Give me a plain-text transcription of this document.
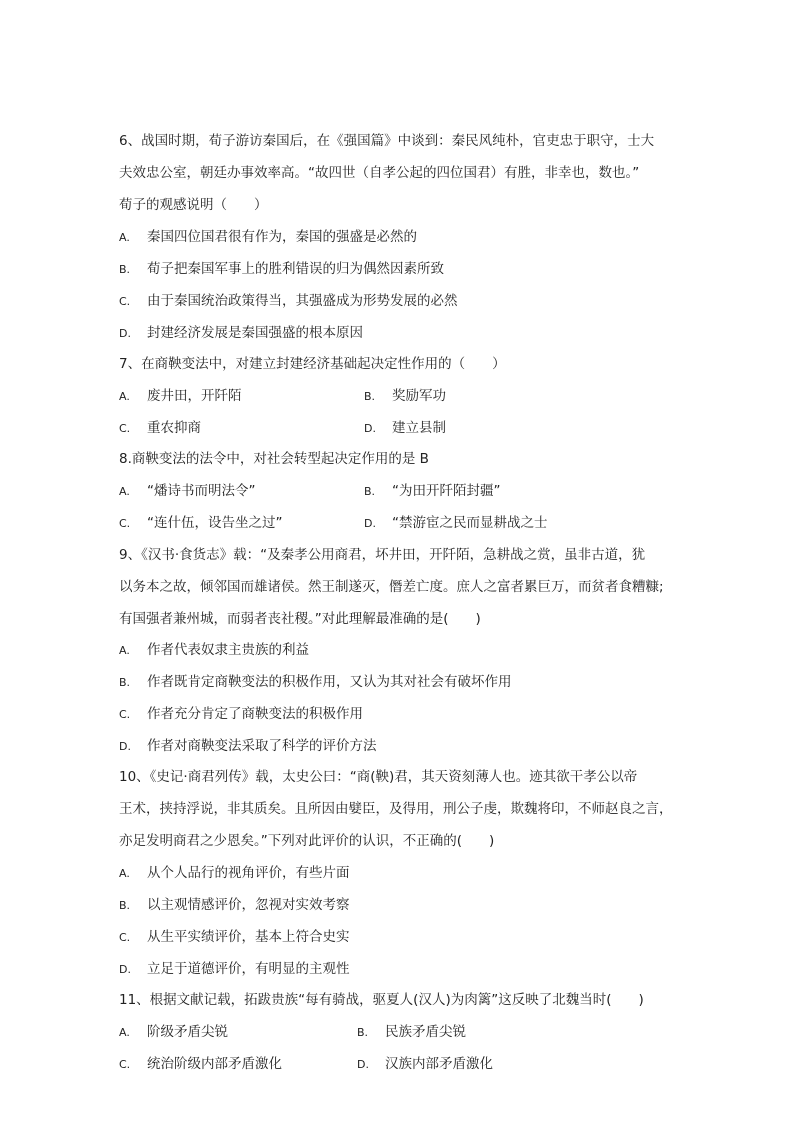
6、战国时期，荀子游访秦国后，在《强国篇》中谈到：秦民风纯朴，官吏忠于职守，士大
夫效忠公室，朝廷办事效率高。“故四世（自孝公起的四位国君）有胜，非幸也，数也。”
荀子的观感说明（　　）
A. 秦国四位国君很有作为，秦国的强盛是必然的
B. 荀子把秦国军事上的胜利错误的归为偶然因素所致
C. 由于秦国统治政策得当，其强盛成为形势发展的必然
D. 封建经济发展是秦国强盛的根本原因
7、在商鞅变法中，对建立封建经济基础起决定性作用的（　　）
A. 废井田，开阡陌	B. 奖励军功
C. 重农抑商	D. 建立县制
8.商鞅变法的法令中，对社会转型起决定作用的是 B
A. “燔诗书而明法令”	B. “为田开阡陌封疆”
C. “连什伍，设告坐之过”	D. “禁游宦之民而显耕战之士
9、《汉书·食货志》载：“及秦孝公用商君，坏井田，开阡陌，急耕战之赏，虽非古道，犹
以务本之故，倾邻国而雄诸侯。然王制遂灭，僭差亡度。庶人之富者累巨万，而贫者食糟糠;
有国强者兼州城，而弱者丧社稷。”对此理解最准确的是(　　)
A. 作者代表奴隶主贵族的利益
B. 作者既肯定商鞅变法的积极作用，又认为其对社会有破坏作用
C. 作者充分肯定了商鞅变法的积极作用
D. 作者对商鞅变法采取了科学的评价方法
10、《史记·商君列传》载，太史公曰：“商(鞅)君，其天资刻薄人也。迹其欲干孝公以帝
王术，挟持浮说，非其质矣。且所因由嬖臣，及得用，刑公子虔，欺魏将印，不师赵良之言，
亦足发明商君之少恩矣。”下列对此评价的认识，不正确的(　　)
A. 从个人品行的视角评价，有些片面
B. 以主观情感评价，忽视对实效考察
C. 从生平实绩评价，基本上符合史实
D. 立足于道德评价，有明显的主观性
11、根据文献记载，拓跋贵族“每有骑战，驱夏人(汉人)为肉篱”这反映了北魏当时(　　)
A. 阶级矛盾尖锐	B. 民族矛盾尖锐
C. 统治阶级内部矛盾激化	D. 汉族内部矛盾激化
